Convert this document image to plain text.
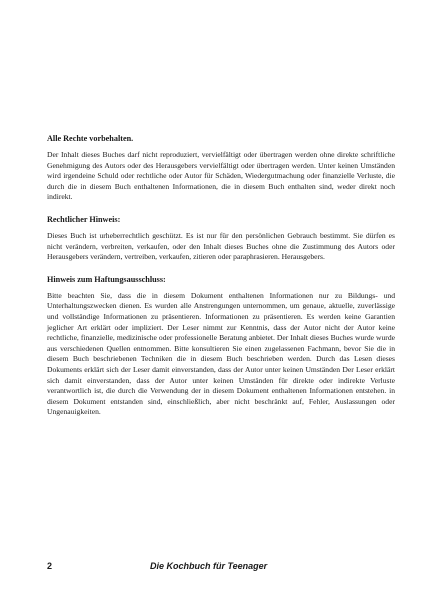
Alle Rechte vorbehalten.

Der Inhalt dieses Buches darf nicht reproduziert, vervielfältigt oder übertragen werden ohne direkte schriftliche Genehmigung des Autors oder des Herausgebers vervielfältigt oder übertragen werden. Unter keinen Umständen wird irgendeine Schuld oder rechtliche oder Autor für Schäden, Wiedergutmachung oder finanzielle Verluste, die durch die in diesem Buch enthaltenen Informationen, die in diesem Buch enthalten sind, weder direkt noch indirekt.

Rechtlicher Hinweis:

Dieses Buch ist urheberrechtlich geschützt. Es ist nur für den persönlichen Gebrauch bestimmt. Sie dürfen es nicht verändern, verbreiten, verkaufen, oder den Inhalt dieses Buches ohne die Zustimmung des Autors oder Herausgebers verändern, vertreiben, verkaufen, zitieren oder paraphrasieren. Herausgebers.

Hinweis zum Haftungsausschluss:

Bitte beachten Sie, dass die in diesem Dokument enthaltenen Informationen nur zu Bildungs- und Unterhaltungszwecken dienen. Es wurden alle Anstrengungen unternommen, um genaue, aktuelle, zuverlässige und vollständige Informationen zu präsentieren. Informationen zu präsentieren. Es werden keine Garantien jeglicher Art erklärt oder impliziert. Der Leser nimmt zur Kenntnis, dass der Autor nicht der Autor keine rechtliche, finanzielle, medizinische oder professionelle Beratung anbietet. Der Inhalt dieses Buches wurde wurde aus verschiedenen Quellen entnommen. Bitte konsultieren Sie einen zugelassenen Fachmann, bevor Sie die in diesem Buch beschriebenen Techniken die in diesem Buch beschrieben werden. Durch das Lesen dieses Dokuments erklärt sich der Leser damit einverstanden, dass der Autor unter keinen Umständen Der Leser erklärt sich damit einverstanden, dass der Autor unter keinen Umständen für direkte oder indirekte Verluste verantwortlich ist, die durch die Verwendung der in diesem Dokument enthaltenen Informationen entstehen. in diesem Dokument entstanden sind, einschließlich, aber nicht beschränkt auf, Fehler, Auslassungen oder Ungenauigkeiten.

2	Die Kochbuch für Teenager
